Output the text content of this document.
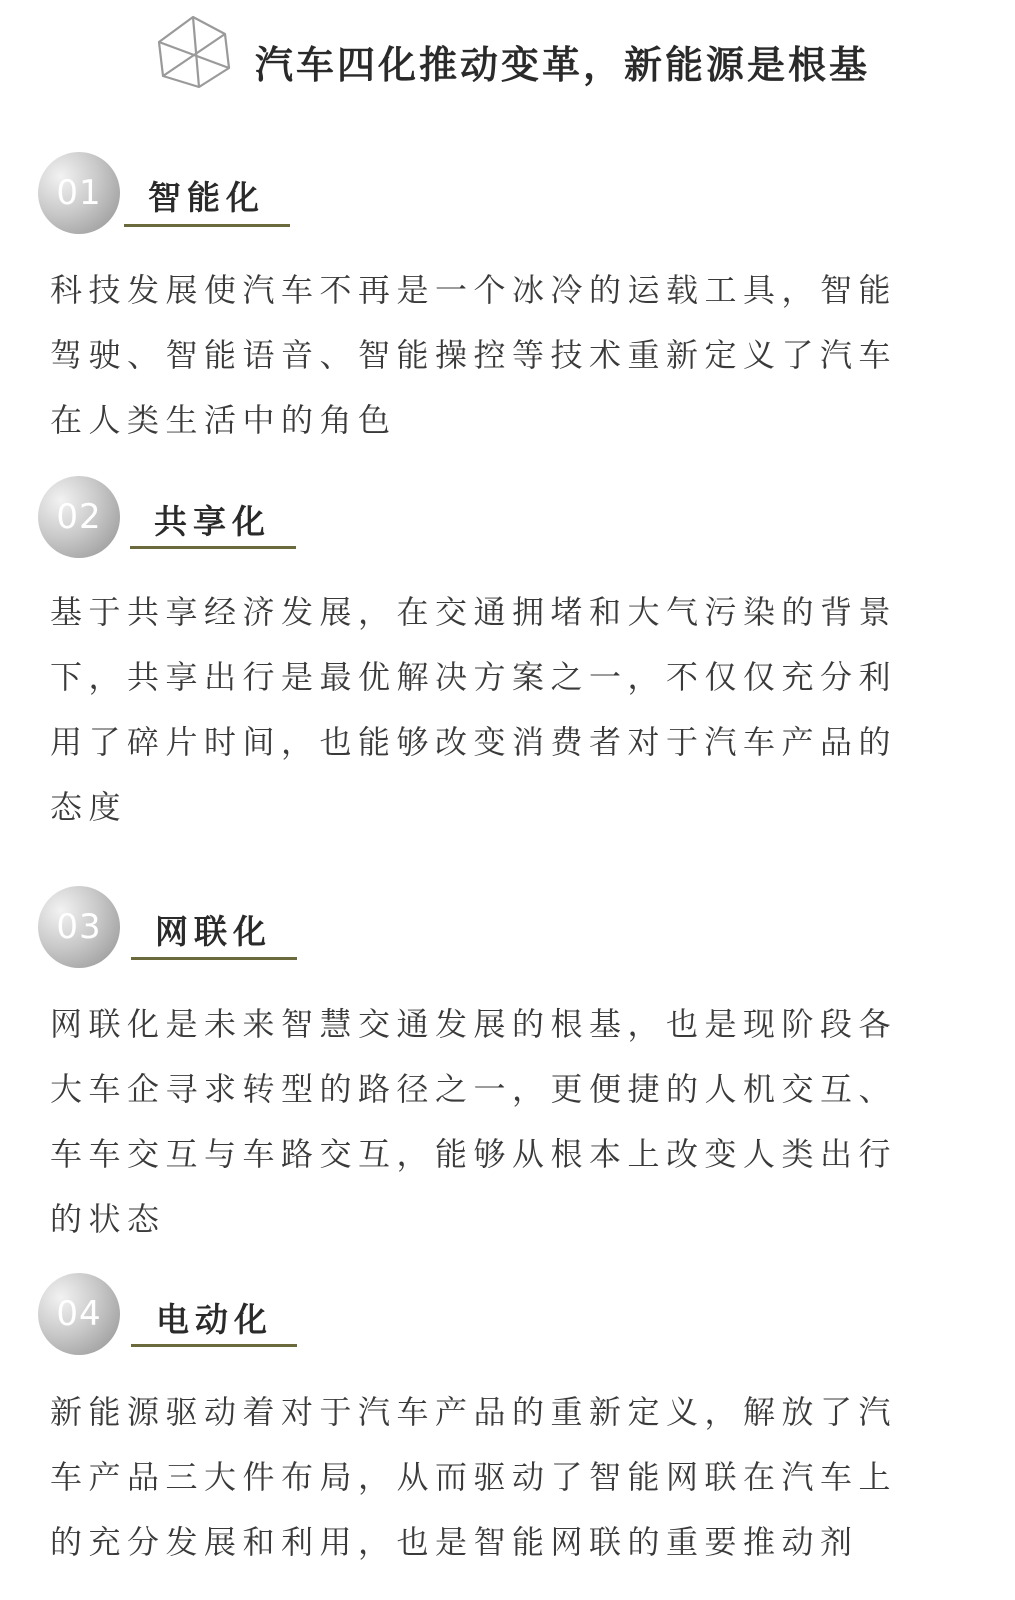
汽车四化推动变革，新能源是根基
01	智能化

科技发展使汽车不再是一个冰冷的运载工具，智能驾驶、智能语音、智能操控等技术重新定义了汽车在人类生活中的角色

02	共享化

基于共享经济发展，在交通拥堵和大气污染的背景下，共享出行是最优解决方案之一，不仅仅充分利用了碎片时间，也能够改变消费者对于汽车产品的态度

03	网联化

网联化是未来智慧交通发展的根基，也是现阶段各大车企寻求转型的路径之一，更便捷的人机交互、车车交互与车路交互，能够从根本上改变人类出行的状态

04	电动化

新能源驱动着对于汽车产品的重新定义，解放了汽车产品三大件布局，从而驱动了智能网联在汽车上的充分发展和利用，也是智能网联的重要推动剂
